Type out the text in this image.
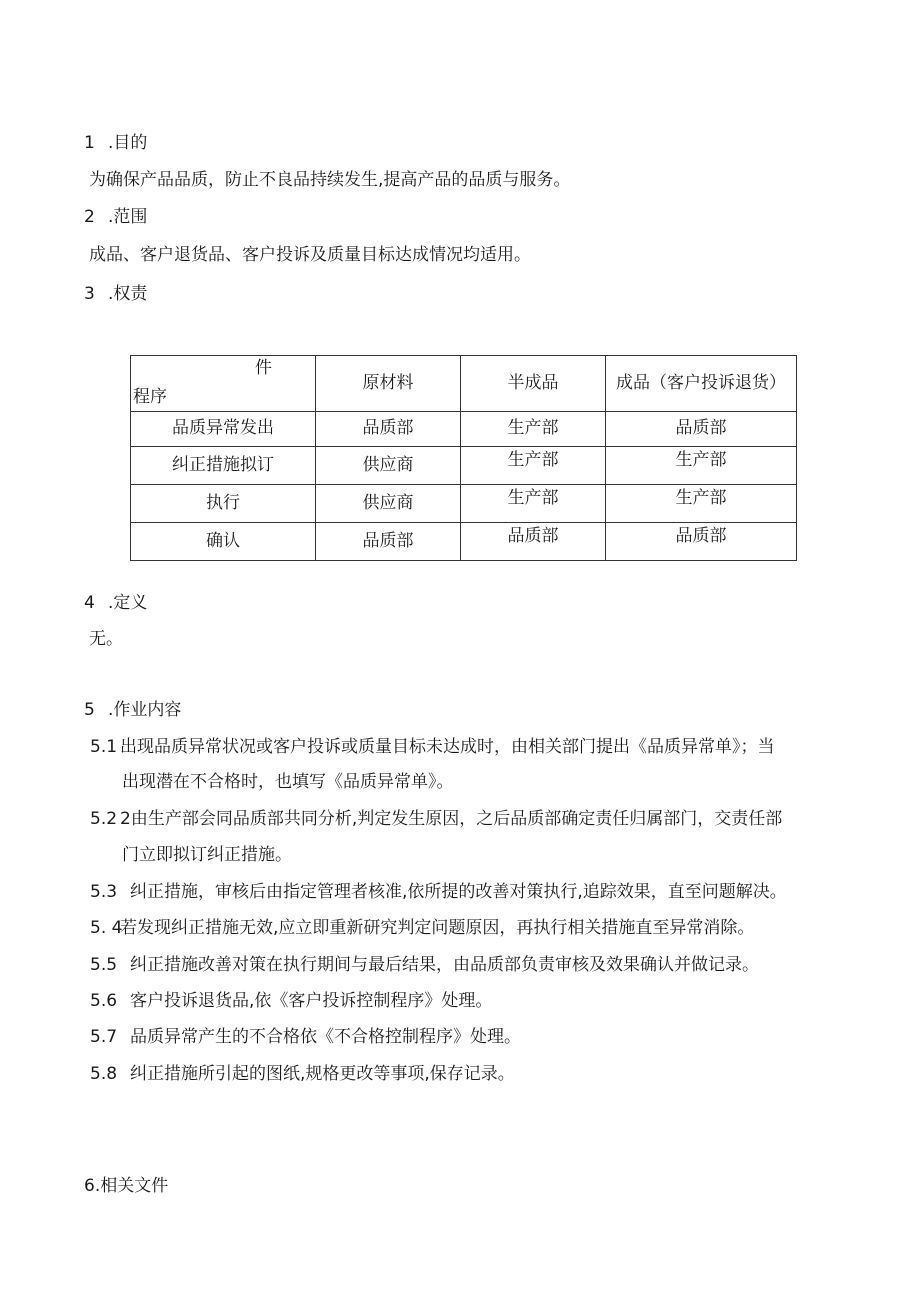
1 .目的
为确保产品品质，防止不良品持续发生,提高产品的品质与服务。
2 .范围
成品、客户退货品、客户投诉及质量目标达成情况均适用。
3 .权责
件
程序	原材料	半成品	成品（客户投诉退货）
品质异常发出	品质部	生产部	品质部
纠正措施拟订	供应商	生产部	生产部
执行	供应商	生产部	生产部
确认	品质部	品质部	品质部
4 .定义
无。
5 .作业内容
5.1 出现品质异常状况或客户投诉或质量目标未达成时，由相关部门提出《品质异常单》；当
出现潜在不合格时，也填写《品质异常单》。
5.2 2由生产部会同品质部共同分析,判定发生原因，之后品质部确定责任归属部门，交责任部
门立即拟订纠正措施。
5.3 纠正措施，审核后由指定管理者核准,依所提的改善对策执行,追踪效果，直至问题解决。
5. 4若发现纠正措施无效,应立即重新研究判定问题原因，再执行相关措施直至异常消除。
5.5 纠正措施改善对策在执行期间与最后结果，由品质部负责审核及效果确认并做记录。
5.6 客户投诉退货品,依《客户投诉控制程序》处理。
5.7 品质异常产生的不合格依《不合格控制程序》处理。
5.8 纠正措施所引起的图纸,规格更改等事项,保存记录。
6.相关文件
